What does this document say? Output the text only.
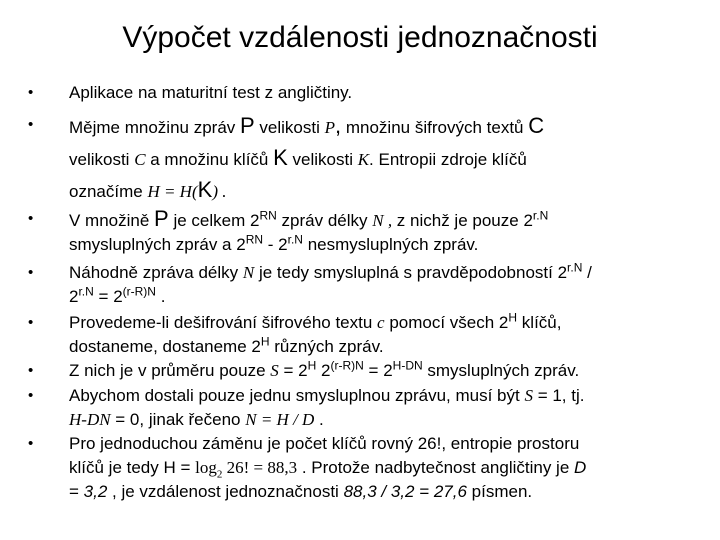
Výpočet vzdálenosti jednoznačnosti
•	Aplikace na maturitní test z angličtiny.
•	Mějme množinu zpráv P velikosti P, množinu šifrových textů C
velikosti C a množinu klíčů K velikosti K. Entropii zdroje klíčů
označíme H = H(K) .
•	V množině P je celkem $2^{RN}$ zpráv délky N , z nichž je pouze $2^{r.N}$
smysluplných zpráv a $2^{RN} - 2^{r.N}$ nesmysluplných zpráv.
•	Náhodně zpráva délky N je tedy smysluplná s pravděpodobností $2^{r.N}$ /
$2^{r.N} = 2^{(r-R)N}$ .
•	Provedeme-li dešifrování šifrového textu c pomocí všech $2^H$ klíčů,
dostaneme, dostaneme $2^H$ různých zpráv.
•	Z nich je v průměru pouze $S = 2^H$ $2^{(r-R)N} = 2^{H-DN}$ smysluplných zpráv.
•	Abychom dostali pouze jednu smysluplnou zprávu, musí být S = 1, tj.
H-DN = 0, jinak řečeno N = H / D .
•	Pro jednoduchou záměnu je počet klíčů rovný 26!, entropie prostoru
klíčů je tedy $H = \log_2 26$! = 88,3 . Protože nadbytečnost angličtiny je D
= 3,2 , je vzdálenost jednoznačnosti 88,3 / 3,2 = 27,6 písmen.
